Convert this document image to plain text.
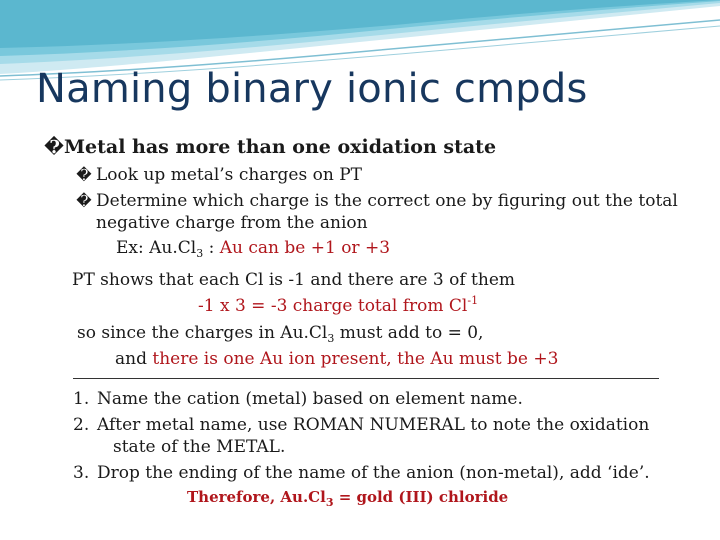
Naming binary ionic cmpds
�Metal has more than one oxidation state
� Look up metal’s charges on PT
� Determine which charge is the correct one by figuring out the total
negative charge from the anion
Ex: $Au.Cl_3$ : Au can be +1 or +3
PT shows that each Cl is -1 and there are 3 of them
-1 x 3 = -3 charge total from $Cl^{-1}$
so since the charges in $Au.Cl_3$ must add to = 0,
and there is one Au ion present, the Au must be +3
1. Name the cation (metal) based on element name.
2. After metal name, use ROMAN NUMERAL to note the oxidation
state of the METAL.
3. Drop the ending of the name of the anion (non-metal), add ‘ide’.
Therefore, $Au.Cl_3$ = gold (III) chloride
